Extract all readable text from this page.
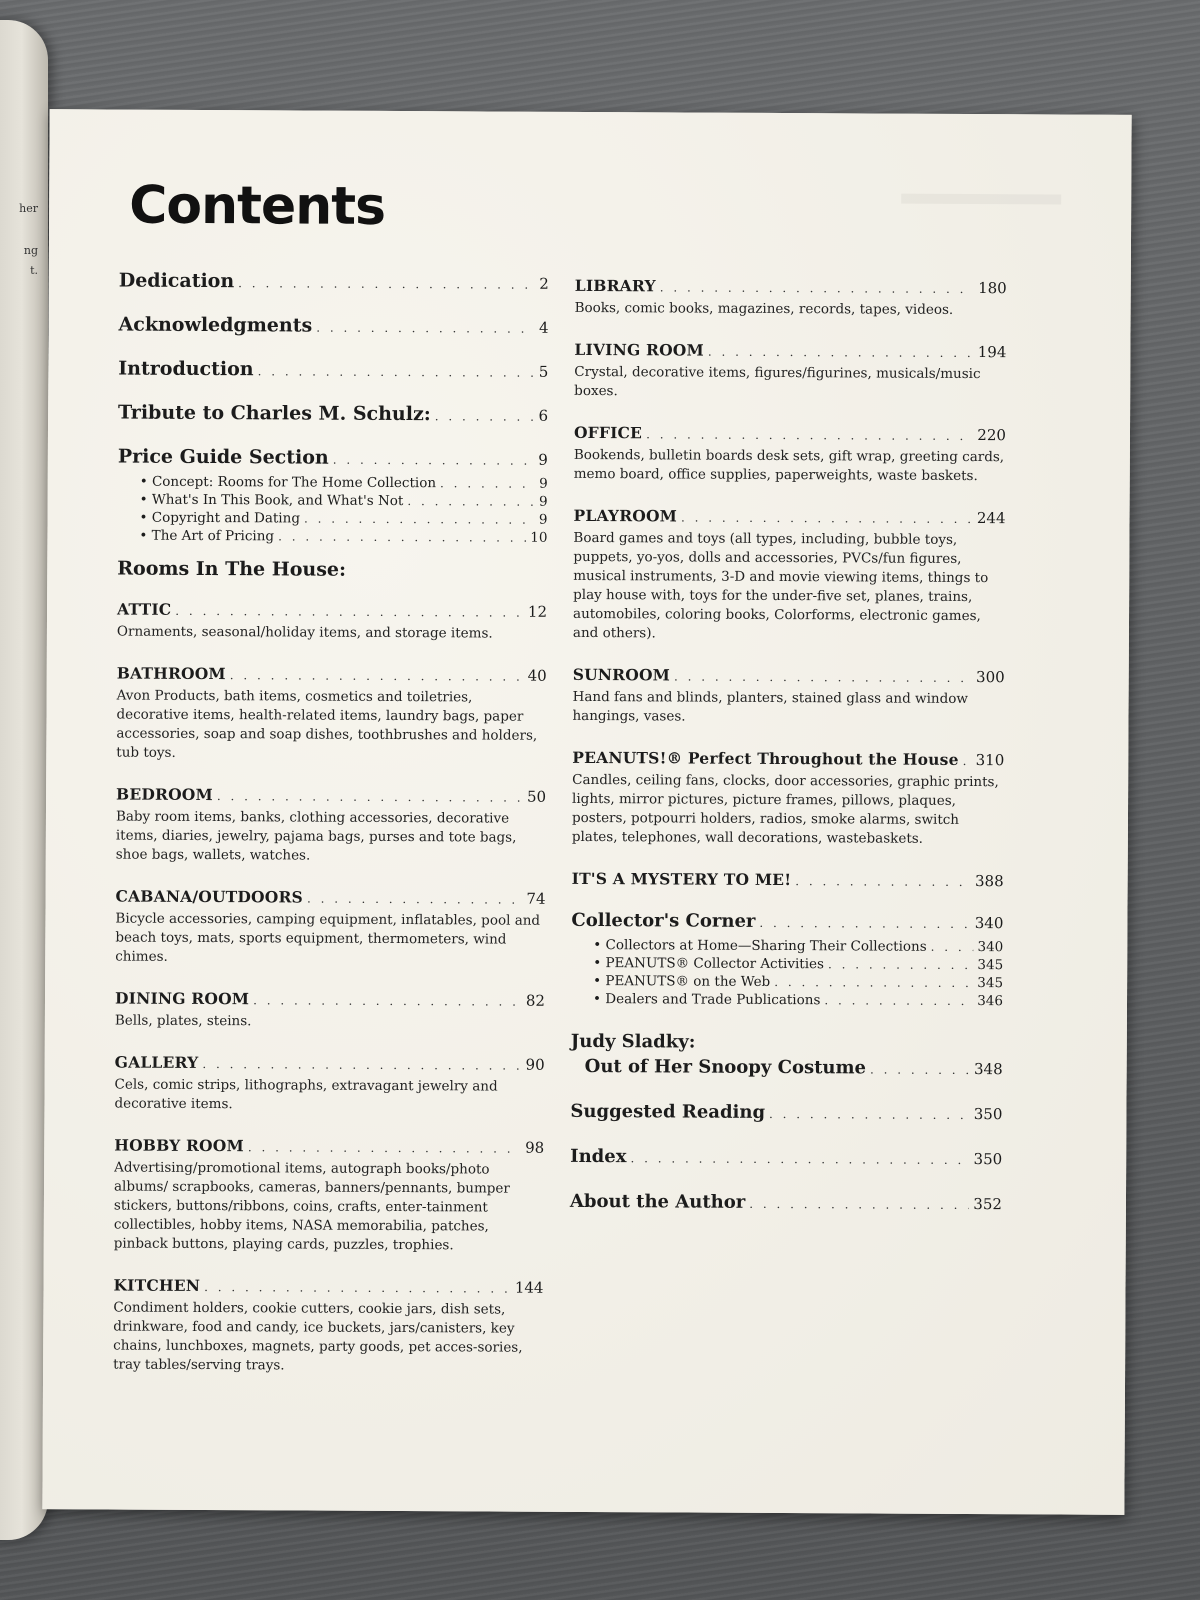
her
ng
t.
Contents
Dedication . . .	2
Acknowledgments . . .	4
Introduction . . .	5
Tribute to Charles M. Schulz: . . .	6
Price Guide Section . . .	9
• Concept: Rooms for The Home Collection . . .	9
• What's In This Book, and What's Not . . .	9
• Copyright and Dating . . .	9
• The Art of Pricing . . .	10
Rooms In The House:
ATTIC . . .	12
Ornaments, seasonal/holiday items, and storage items.
BATHROOM . . .	40
Avon Products, bath items, cosmetics and toiletries, decorative items, health-related items, laundry bags, paper accessories, soap and soap dishes, toothbrushes and holders, tub toys.
BEDROOM . . .	50
Baby room items, banks, clothing accessories, decorative items, diaries, jewelry, pajama bags, purses and tote bags, shoe bags, wallets, watches.
CABANA/OUTDOORS . . .	74
Bicycle accessories, camping equipment, inflatables, pool and beach toys, mats, sports equipment, thermometers, wind chimes.
DINING ROOM . . .	82
Bells, plates, steins.
GALLERY . . .	90
Cels, comic strips, lithographs, extravagant jewelry and decorative items.
HOBBY ROOM . . .	98
Advertising/promotional items, autograph books/photo albums/ scrapbooks, cameras, banners/pennants, bumper stickers, buttons/ribbons, coins, crafts, enter-tainment collectibles, hobby items, NASA memorabilia, patches, pinback buttons, playing cards, puzzles, trophies.
KITCHEN . . .	144
Condiment holders, cookie cutters, cookie jars, dish sets, drinkware, food and candy, ice buckets, jars/canisters, key chains, lunchboxes, magnets, party goods, pet acces-sories, tray tables/serving trays.
LIBRARY . . .	180
Books, comic books, magazines, records, tapes, videos.
LIVING ROOM . . .	194
Crystal, decorative items, figures/figurines, musicals/music boxes.
OFFICE . . .	220
Bookends, bulletin boards desk sets, gift wrap, greeting cards, memo board, office supplies, paperweights, waste baskets.
PLAYROOM . . .	244
Board games and toys (all types, including, bubble toys, puppets, yo-yos, dolls and accessories, PVCs/fun figures, musical instruments, 3-D and movie viewing items, things to play house with, toys for the under-five set, planes, trains, automobiles, coloring books, Colorforms, electronic games, and others).
SUNROOM . . .	300
Hand fans and blinds, planters, stained glass and window hangings, vases.
PEANUTS!® Perfect Throughout the House . . . 310
Candles, ceiling fans, clocks, door accessories, graphic prints, lights, mirror pictures, picture frames, pillows, plaques, posters, potpourri holders, radios, smoke alarms, switch plates, telephones, wall decorations, wastebaskets.
IT'S A MYSTERY TO ME! . . .	388
Collector's Corner . . .	340
• Collectors at Home—Sharing Their Collections . . .	340
• PEANUTS® Collector Activities . . .	345
• PEANUTS® on the Web . . .	345
• Dealers and Trade Publications . . .	346
Judy Sladky:
Out of Her Snoopy Costume . . .	348
Suggested Reading . . .	350
Index . . .	350
About the Author . . .	352
